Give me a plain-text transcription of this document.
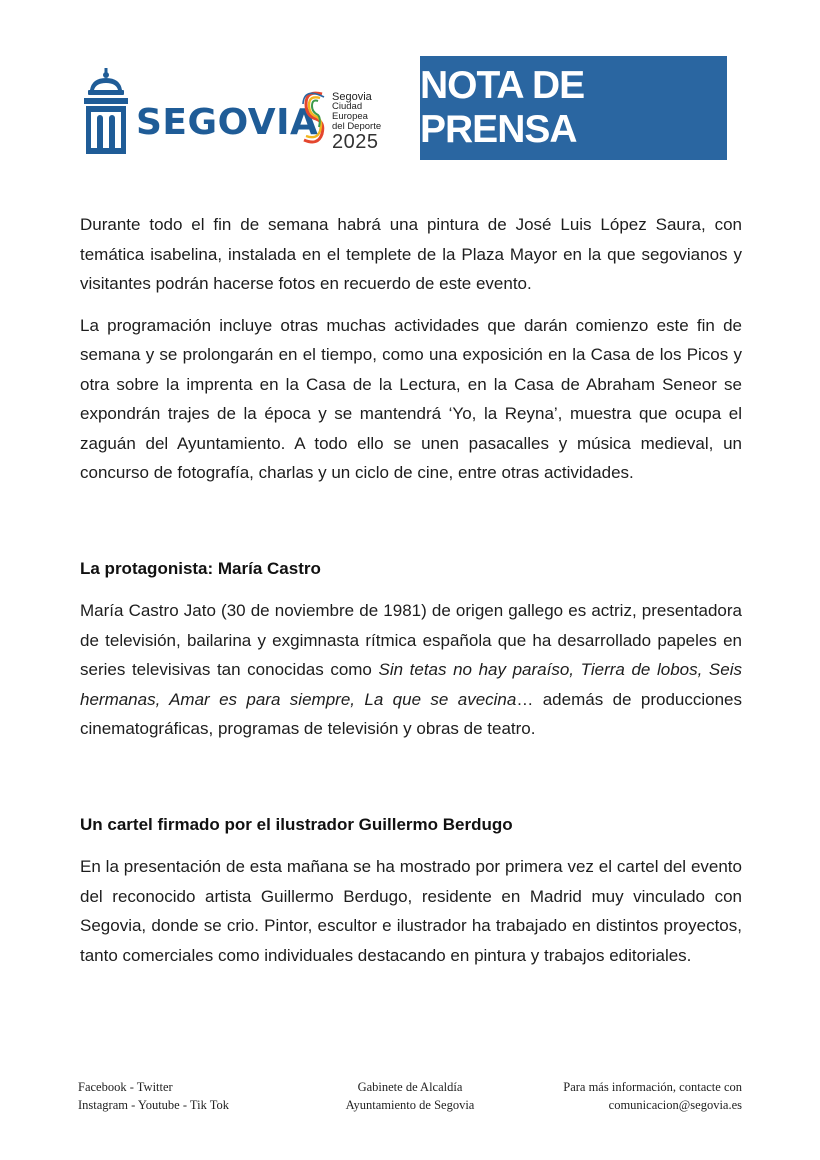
SEGOVIA
Segovia
Ciudad Europea
del Deporte
2025
NOTA DE PRENSA

Durante todo el fin de semana habrá una pintura de José Luis López Saura, con temática isabelina, instalada en el templete de la Plaza Mayor en la que segovianos y visitantes podrán hacerse fotos en recuerdo de este evento.

La programación incluye otras muchas actividades que darán comienzo este fin de semana y se prolongarán en el tiempo, como una exposición en la Casa de los Picos y otra sobre la imprenta en la Casa de la Lectura, en la Casa de Abraham Seneor se expondrán trajes de la época y se mantendrá ‘Yo, la Reyna’, muestra que ocupa el zaguán del Ayuntamiento. A todo ello se unen pasacalles y música medieval, un concurso de fotografía, charlas y un ciclo de cine, entre otras actividades.

La protagonista: María Castro

María Castro Jato (30 de noviembre de 1981) de origen gallego es actriz, presentadora de televisión, bailarina y exgimnasta rítmica española que ha desarrollado papeles en series televisivas tan conocidas como Sin tetas no hay paraíso, Tierra de lobos, Seis hermanas, Amar es para siempre, La que se avecina… además de producciones cinematográficas, programas de televisión y obras de teatro.

Un cartel firmado por el ilustrador Guillermo Berdugo

En la presentación de esta mañana se ha mostrado por primera vez el cartel del evento del reconocido artista Guillermo Berdugo, residente en Madrid muy vinculado con Segovia, donde se crio. Pintor, escultor e ilustrador ha trabajado en distintos proyectos, tanto comerciales como individuales destacando en pintura y trabajos editoriales.

Facebook - Twitter
Instagram - Youtube - Tik Tok
Gabinete de Alcaldía
Ayuntamiento de Segovia
Para más información, contacte con
comunicacion@segovia.es
